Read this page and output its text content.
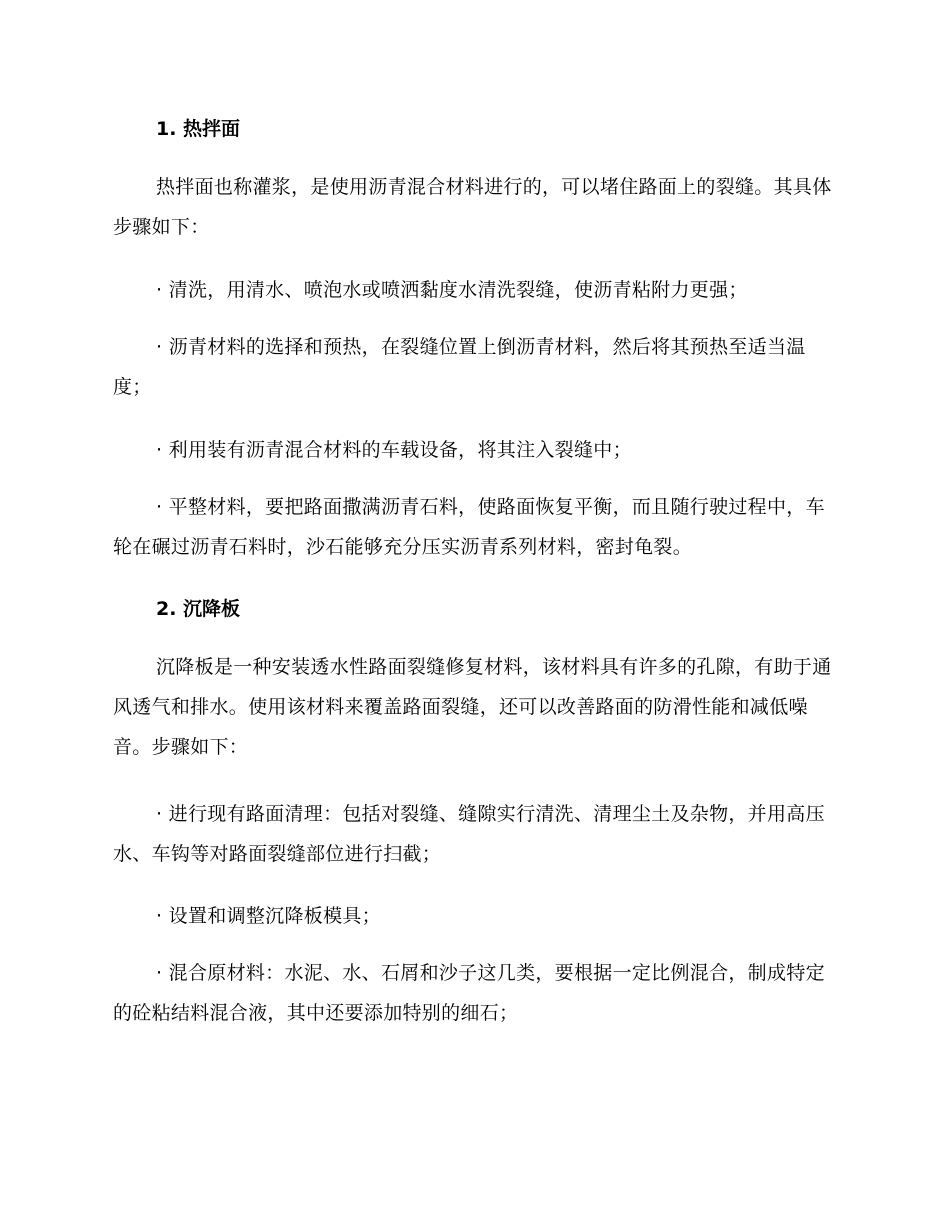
1. 热拌面

热拌面也称灌浆，是使用沥青混合材料进行的，可以堵住路面上的裂缝。其具体步骤如下：

· 清洗，用清水、喷泡水或喷洒黏度水清洗裂缝，使沥青粘附力更强；

· 沥青材料的选择和预热，在裂缝位置上倒沥青材料，然后将其预热至适当温度；

· 利用装有沥青混合材料的车载设备，将其注入裂缝中；

· 平整材料，要把路面撒满沥青石料，使路面恢复平衡，而且随行驶过程中，车轮在碾过沥青石料时，沙石能够充分压实沥青系列材料，密封龟裂。

2. 沉降板

沉降板是一种安装透水性路面裂缝修复材料，该材料具有许多的孔隙，有助于通风透气和排水。使用该材料来覆盖路面裂缝，还可以改善路面的防滑性能和减低噪音。步骤如下：

· 进行现有路面清理：包括对裂缝、缝隙实行清洗、清理尘土及杂物，并用高压水、车钩等对路面裂缝部位进行扫截；

· 设置和调整沉降板模具；

· 混合原材料：水泥、水、石屑和沙子这几类，要根据一定比例混合，制成特定的砼粘结料混合液，其中还要添加特别的细石；
